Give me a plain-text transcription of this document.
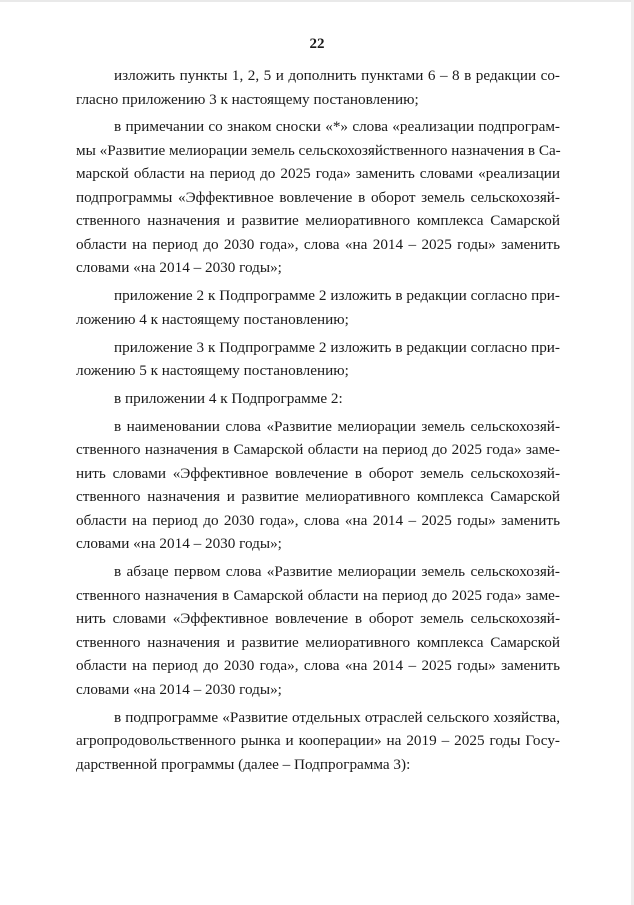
22
изложить пункты 1, 2, 5 и дополнить пунктами 6 – 8 в редакции со-
гласно приложению 3 к настоящему постановлению;
в примечании со знаком сноски «*» слова «реализации подпрограм-
мы «Развитие мелиорации земель сельскохозяйственного назначения в Са-
марской области на период до 2025 года» заменить словами «реализации
подпрограммы «Эффективное вовлечение в оборот земель сельскохозяй-
ственного назначения и развитие мелиоративного комплекса Самарской
области на период до 2030 года», слова «на 2014 – 2025 годы» заменить
словами «на 2014 – 2030 годы»;
приложение 2 к Подпрограмме 2 изложить в редакции согласно при-
ложению 4 к настоящему постановлению;
приложение 3 к Подпрограмме 2 изложить в редакции согласно при-
ложению 5 к настоящему постановлению;
в приложении 4 к Подпрограмме 2:
в наименовании слова «Развитие мелиорации земель сельскохозяй-
ственного назначения в Самарской области на период до 2025 года» заме-
нить словами «Эффективное вовлечение в оборот земель сельскохозяй-
ственного назначения и развитие мелиоративного комплекса Самарской
области на период до 2030 года», слова «на 2014 – 2025 годы» заменить
словами «на 2014 – 2030 годы»;
в абзаце первом слова «Развитие мелиорации земель сельскохозяй-
ственного назначения в Самарской области на период до 2025 года» заме-
нить словами «Эффективное вовлечение в оборот земель сельскохозяй-
ственного назначения и развитие мелиоративного комплекса Самарской
области на период до 2030 года», слова «на 2014 – 2025 годы» заменить
словами «на 2014 – 2030 годы»;
в подпрограмме «Развитие отдельных отраслей сельского хозяйства,
агропродовольственного рынка и кооперации» на 2019 – 2025 годы Госу-
дарственной программы (далее – Подпрограмма 3):
